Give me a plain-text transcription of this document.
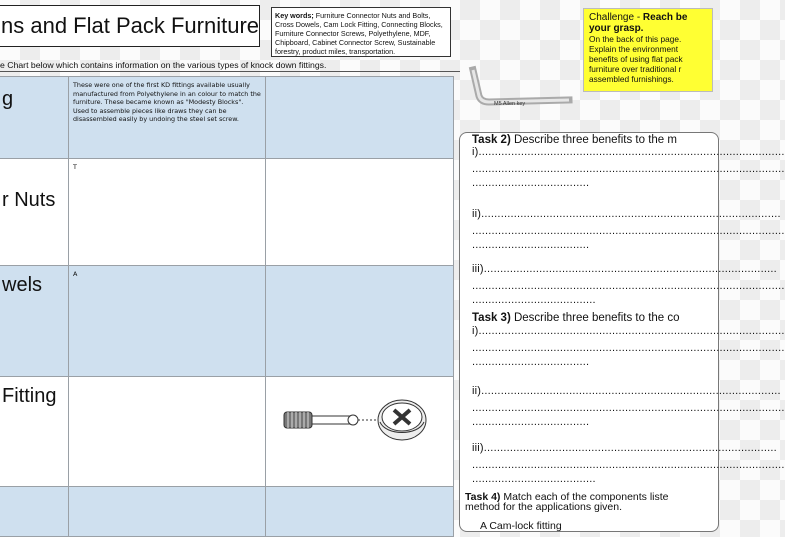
ns and Flat Pack Furniture	Key words; Furniture Connector Nuts and Bolts, Cross Dowels, Cam Lock Fitting, Connecting Blocks, Furniture Connector Screws, Polyethylene, MDF, Chipboard, Cabinet Connector Screw, Sustainable forestry, product miles, transportation.
Challenge - Reach be your grasp.
On the back of this page. Explain the environment benefits of using flat pack furniture over traditional r assembled furnishings.
e Chart below which contains information on the various types of knock down fittings.
g	These were one of the first KD fittings available usually manufactured from Polyethylene in an colour to match the furniture. These became known as "Modesty Blocks". Used to assemble pieces like draws they can be disassembled easily by undoing the steel set screw.	
r Nuts	T	
wels	A	
Fitting		

M5 Allen key
Task 2) Describe three benefits to the m
i)..............................................................................................
................................................................................................
....................................
ii)............................................................................................
................................................................................................
....................................
iii)..........................................................................................
................................................................................................
......................................
Task 3) Describe three benefits to the co
i)..............................................................................................
................................................................................................
....................................
ii)............................................................................................
................................................................................................
....................................
iii)..........................................................................................
................................................................................................
......................................
Task 4) Match each of the components liste
method for the applications given.
A Cam-lock fitting
